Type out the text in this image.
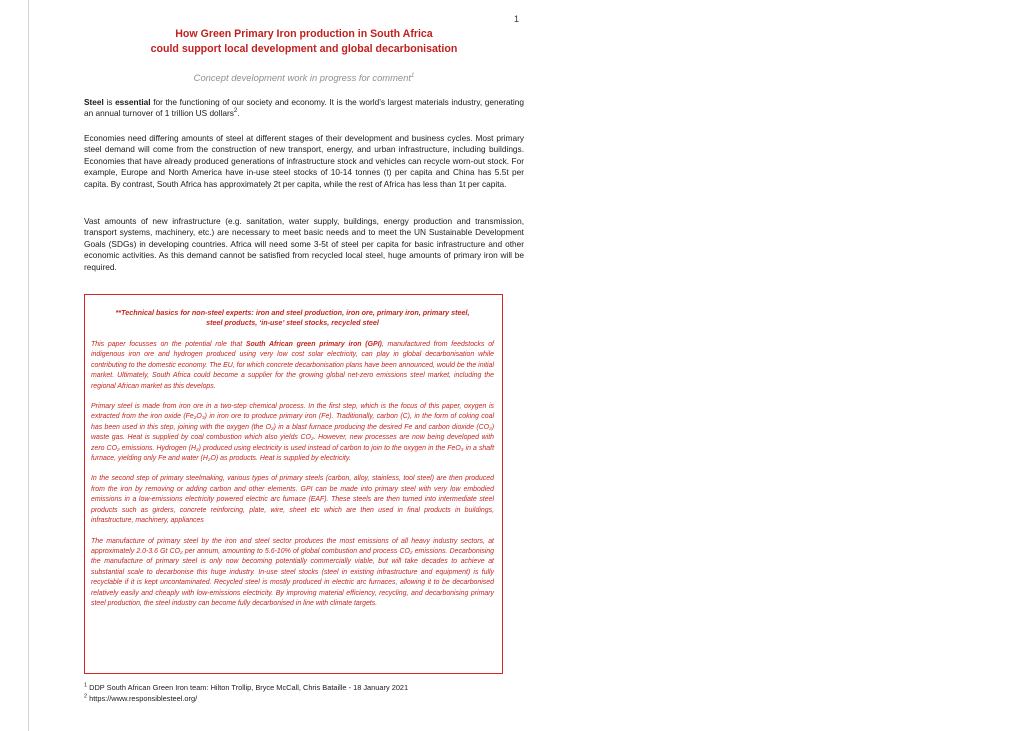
1
How Green Primary Iron production in South Africa
could support local development and global decarbonisation
Concept development work in progress for comment$^1$

Steel is essential for the functioning of our society and economy. It is the world’s largest materials industry, generating an annual turnover of 1 trillion US dollars$^2$.

Economies need differing amounts of steel at different stages of their development and business cycles. Most primary steel demand will come from the construction of new transport, energy, and urban infrastructure, including buildings. Economies that have already produced generations of infrastructure stock and vehicles can recycle worn-out stock. For example, Europe and North America have in-use steel stocks of 10-14 tonnes (t) per capita and China has 5.5t per capita. By contrast, South Africa has approximately 2t per capita, while the rest of Africa has less than 1t per capita.

Vast amounts of new infrastructure (e.g. sanitation, water supply, buildings, energy production and transmission, transport systems, machinery, etc.) are necessary to meet basic needs and to meet the UN Sustainable Development Goals (SDGs) in developing countries. Africa will need some 3-5t of steel per capita for basic infrastructure and other economic activities. As this demand cannot be satisfied from recycled local steel, huge amounts of primary iron will be required.

**Technical basics for non-steel experts: iron and steel production, iron ore, primary iron, primary steel,
steel products, ‘in-use’ steel stocks, recycled steel

This paper focusses on the potential role that South African green primary iron (GPI), manufactured from feedstocks of indigenous iron ore and hydrogen produced using very low cost solar electricity, can play in global decarbonisation while contributing to the domestic economy. The EU, for which concrete decarbonisation plans have been announced, would be the initial market. Ultimately, South Africa could become a supplier for the growing global net-zero emissions steel market, including the regional African market as this develops.

Primary steel is made from iron ore in a two-step chemical process. In the first step, which is the focus of this paper, oxygen is extracted from the iron oxide (Fe₂O₃) in iron ore to produce primary iron (Fe). Traditionally, carbon (C), in the form of coking coal has been used in this step, joining with the oxygen (the O₂) in a blast furnace producing the desired Fe and carbon dioxide (CO₂) waste gas. Heat is supplied by coal combustion which also yields CO₂. However, new processes are now being developed with zero CO₂ emissions. Hydrogen (H₂) produced using electricity is used instead of carbon to join to the oxygen in the FeO₃ in a shaft furnace, yielding only Fe and water (H₂O) as products. Heat is supplied by electricity.

In the second step of primary steelmaking, various types of primary steels (carbon, alloy, stainless, tool steel) are then produced from the iron by removing or adding carbon and other elements. GPI can be made into primary steel with very low embodied emissions in a low-emissions electricity powered electric arc furnace (EAF). These steels are then turned into intermediate steel products such as girders, concrete reinforcing, plate, wire, sheet etc which are then used in final products in buildings, infrastructure, machinery, appliances

The manufacture of primary steel by the iron and steel sector produces the most emissions of all heavy industry sectors, at approximately 2.0-3.6 Gt CO₂ per annum, amounting to 5.6-10% of global combustion and process CO₂ emissions. Decarbonising the manufacture of primary steel is only now becoming potentially commercially viable, but will take decades to achieve at substantial scale to decarbonise this huge industry. In-use steel stocks (steel in existing infrastructure and equipment) is fully recyclable if it is kept uncontaminated. Recycled steel is mostly produced in electric arc furnaces, allowing it to be decarbonised relatively easily and cheaply with low-emissions electricity. By improving material efficiency, recycling, and decarbonising primary steel production, the steel industry can become fully decarbonised in line with climate targets.

$^1$ DDP South African Green Iron team: Hilton Trollip, Bryce McCall, Chris Bataille - 18 January 2021

$^2$ https://www.responsiblesteel.org/
